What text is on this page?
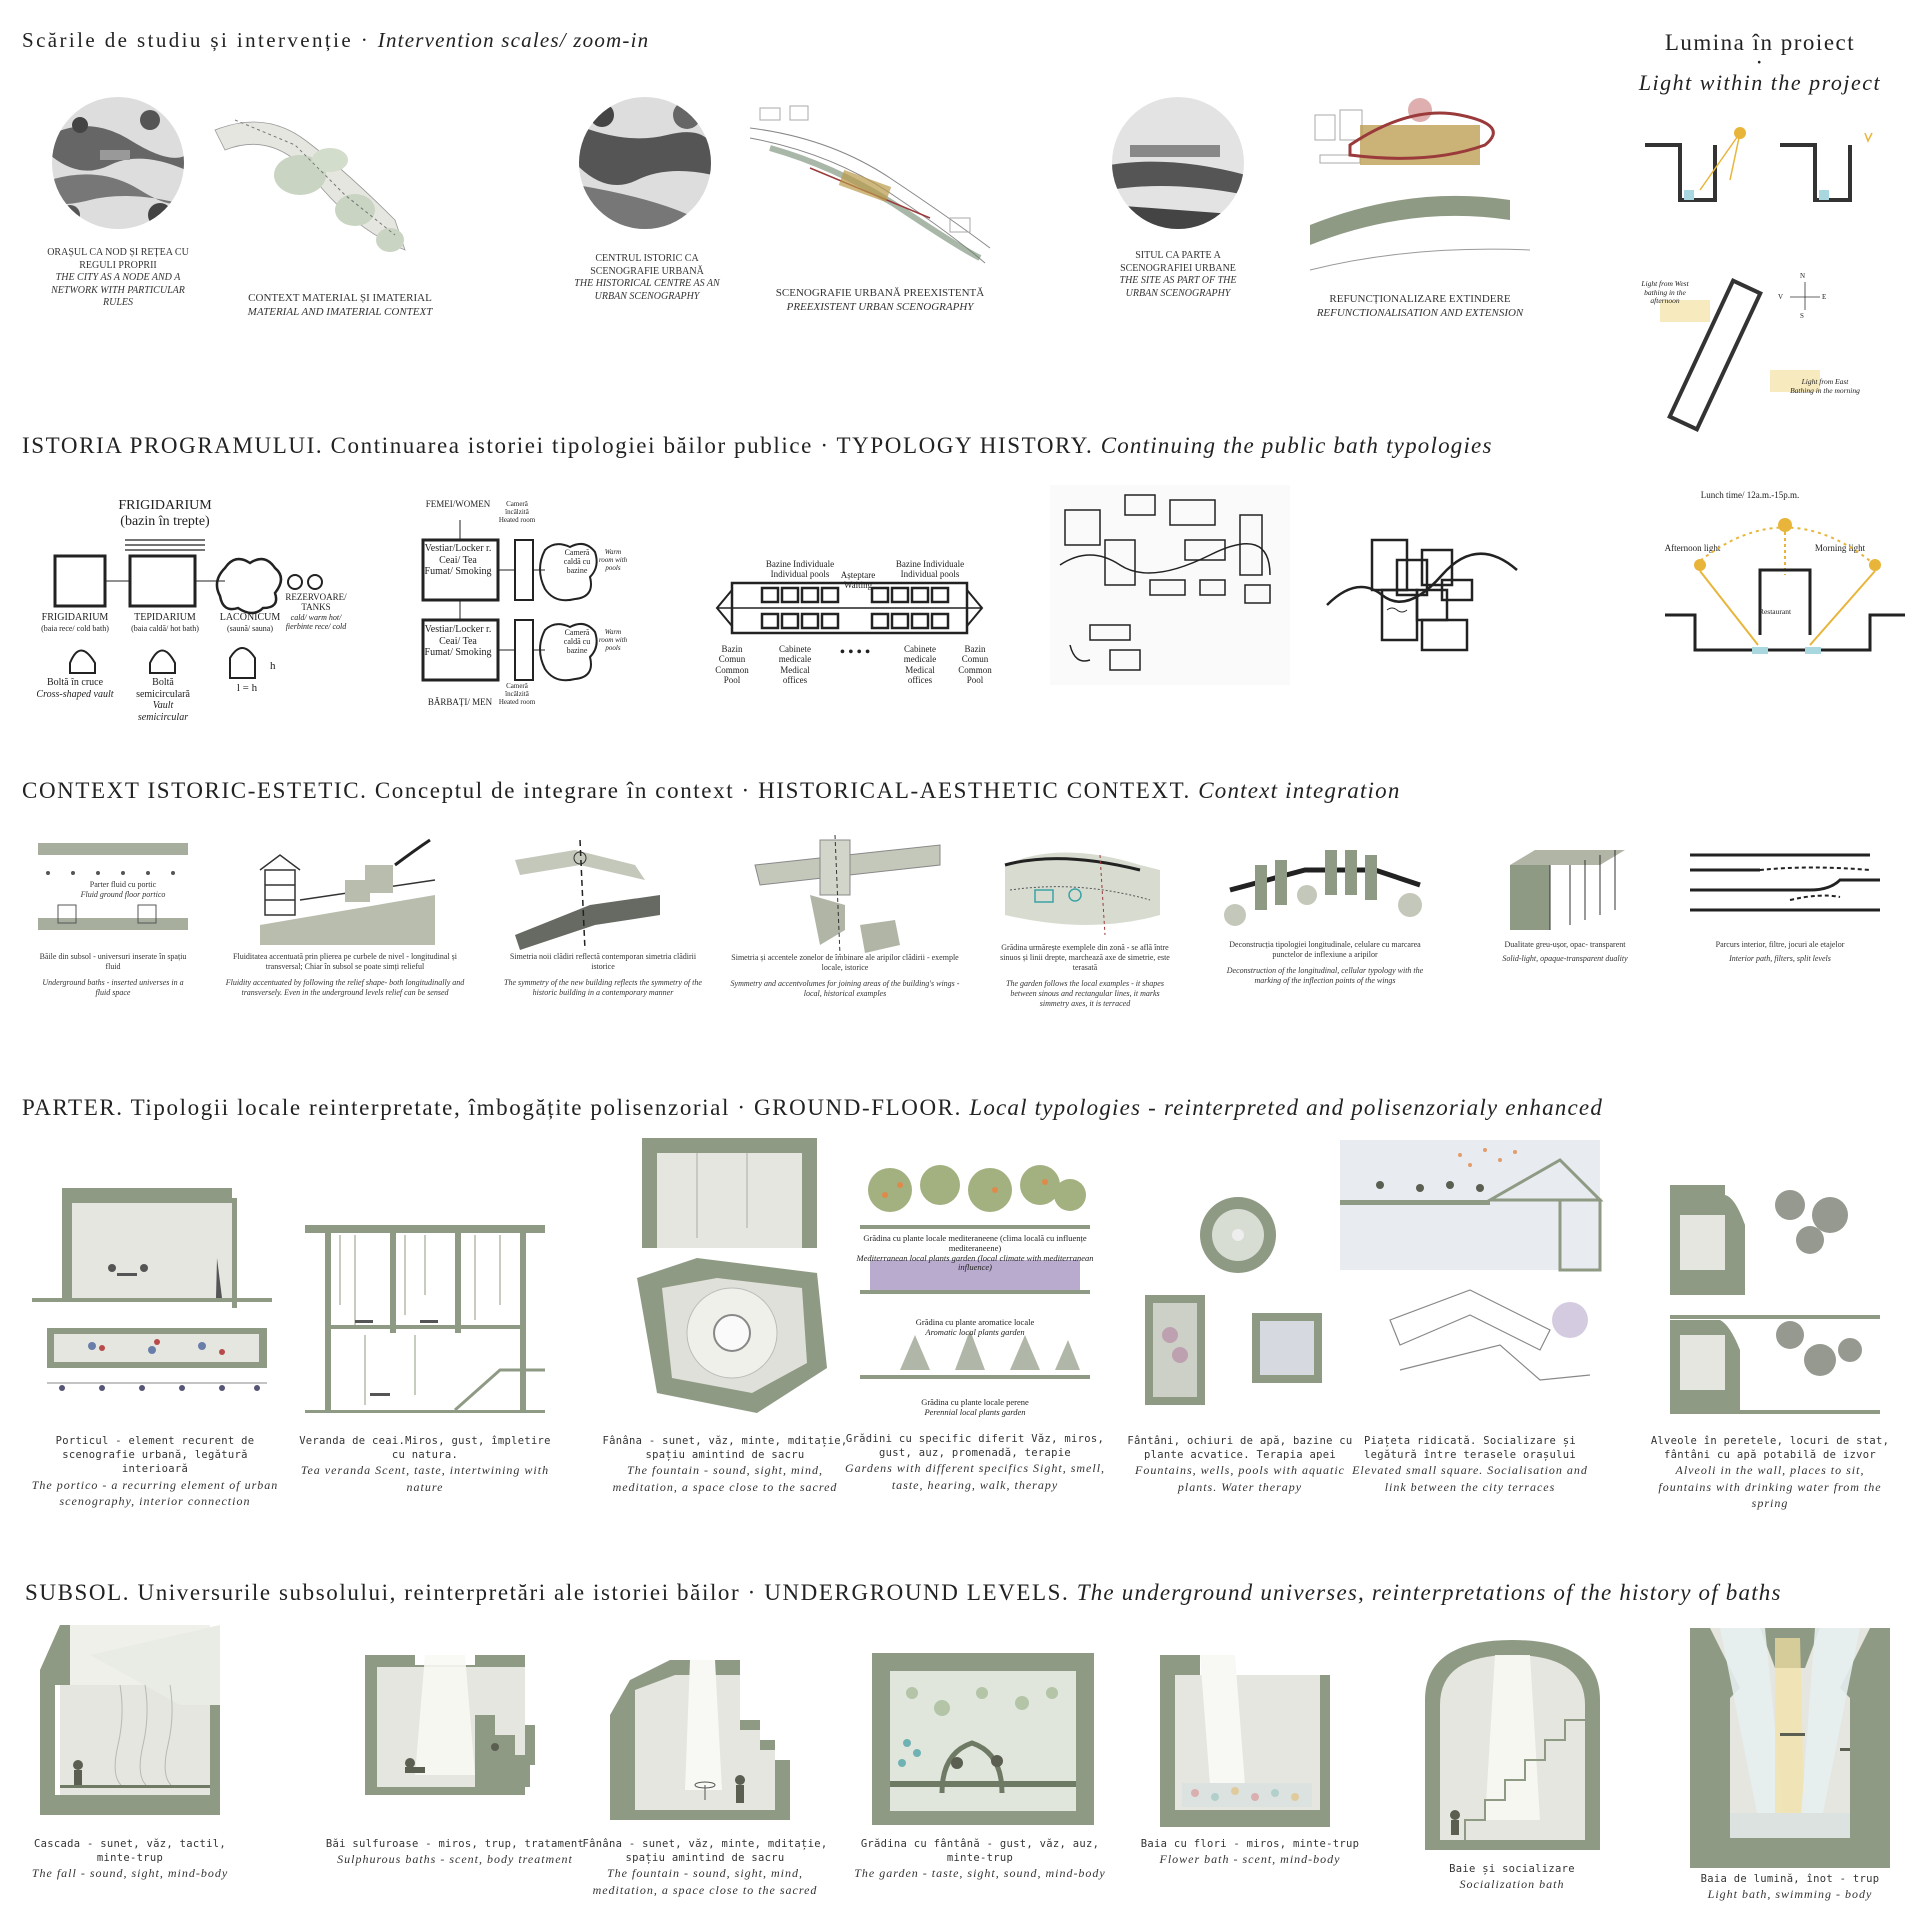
Scările de studiu și intervenție · Intervention scales/ zoom-in	Lumina în proiect
·
Light within the project
ORAȘUL CA NOD ȘI REȚEA CU REGULI PROPRII
THE CITY AS A NODE AND A NETWORK WITH PARTICULAR RULES	CONTEXT MATERIAL ȘI IMATERIAL
MATERIAL AND IMATERIAL CONTEXT
CENTRUL ISTORIC CA SCENOGRAFIE URBANĂ
THE HISTORICAL CENTRE AS AN URBAN SCENOGRAPHY	SCENOGRAFIE URBANĂ PREEXISTENTĂ
PREEXISTENT URBAN SCENOGRAPHY
SITUL CA PARTE A SCENOGRAFIEI URBANE
THE SITE AS PART OF THE URBAN SCENOGRAPHY	REFUNCȚIONALIZARE EXTINDERE
REFUNCTIONALISATION AND EXTENSION
Light from West bathing in the afternoon
Light from East Bathing in the morning
N
S
E
V
ISTORIA PROGRAMULUI. Continuarea istoriei tipologiei băilor publice · TYPOLOGY HISTORY. Continuing the public bath typologies
FRIGIDARIUM
(bazin în trepte)
FRIGIDARIUM
(baia rece/ cold bath)
TEPIDARIUM
(baia caldă/ hot bath)
LACONICUM
(saună/ sauna)
REZERVOARE/ TANKS
cald/ warm hot/ fierbinte rece/ cold
Boltă în cruce
Cross-shaped vault
Boltă semicirculară
Vault semicircular
l = h
h
FEMEI/WOMEN
BĂRBAȚI/ MEN
Vestiar/Locker r. Ceai/ Tea Fumat/ Smoking
Vestiar/Locker r. Ceai/ Tea Fumat/ Smoking
Cameră încălzită Heated room
Cameră încălzită Heated room
Cameră caldă cu bazine
Cameră caldă cu bazine
Warm room with pools
Warm room with pools
Bazine Individuale Individual pools
Bazine Individuale Individual pools
Așteptare Waiting
Bazin Comun Common Pool
Bazin Comun Common Pool
Cabinete medicale Medical offices
Cabinete medicale Medical offices
• • • •
Lunch time/ 12a.m.-15p.m.
Afternoon light	Morning light
Restaurant
CONTEXT ISTORIC-ESTETIC. Conceptul de integrare în context · HISTORICAL-AESTHETIC CONTEXT. Context integration
Parter fluid cu portic
Fluid ground floor portico
Băile din subsol - universuri inserate în spațiu fluid
Underground baths - inserted universes in a fluid space
Fluiditatea accentuată prin plierea pe curbele de nivel - longitudinal și transversal; Chiar în subsol se poate simți relieful
Fluidity accentuated by following the relief shape- both longitudinally and transversely. Even in the underground levels relief can be sensed
Simetria noii clădiri reflectă contemporan simetria clădirii istorice
The symmetry of the new building reflects the symmetry of the historic building in a contemporary manner
Simetria și accentele zonelor de îmbinare ale aripilor clădirii - exemple locale, istorice
Symmetry and accentvolumes for joining areas of the building's wings - local, historical examples
Grădina urmărește exemplele din zonă - se află între sinuos și linii drepte, marchează axe de simetrie, este terasată
The garden follows the local examples - it shapes between sinous and rectangular lines, it marks simmetry axes, it is terraced
Deconstrucția tipologiei longitudinale, celulare cu marcarea punctelor de inflexiune a aripilor
Deconstruction of the longitudinal, cellular typology with the marking of the inflection points of the wings
Dualitate greu-ușor, opac- transparent
Solid-light, opaque-transparent duality
Parcurs interior, filtre, jocuri ale etajelor
Interior path, filters, split levels
PARTER. Tipologii locale reinterpretate, îmbogățite polisenzorial · GROUND-FLOOR. Local typologies - reinterpreted and polisenzorialy enhanced
Porticul - element recurent de scenografie urbană, legătură interioară
The portico - a recurring element of urban scenography, interior connection
Veranda de ceai.Miros, gust, împletire cu natura.
Tea veranda Scent, taste, intertwining with nature
Fânâna - sunet, văz, minte, mditație, spațiu amintind de sacru
The fountain - sound, sight, mind, meditation, a space close to the sacred
Grădina cu plante locale mediteraneene (clima locală cu influențe mediteraneene)
Mediterranean local plants garden (local climate with mediterranean influence)
Grădina cu plante aromatice locale
Aromatic local plants garden
Grădina cu plante locale perene
Perennial local plants garden
Grădini cu specific diferit Văz, miros, gust, auz, promenadă, terapie
Gardens with different specifics Sight, smell, taste, hearing, walk, therapy
Fântâni, ochiuri de apă, bazine cu plante acvatice. Terapia apei
Fountains, wells, pools with aquatic plants. Water therapy
Piațeta ridicată. Socializare și legătură între terasele orașului
Elevated small square. Socialisation and link between the city terraces
Alveole în peretele, locuri de stat, fântâni cu apă potabilă de izvor
Alveoli in the wall, places to sit, fountains with drinking water from the spring
SUBSOL. Universurile subsolului, reinterpretări ale istoriei băilor · UNDERGROUND LEVELS. The underground universes, reinterpretations of the history of baths
Cascada - sunet, văz, tactil, minte-trup
The fall - sound, sight, mind-body
Băi sulfuroase - miros, trup, tratament
Sulphurous baths - scent, body treatment
Fânâna - sunet, văz, minte, mditație, spațiu amintind de sacru
The fountain - sound, sight, mind, meditation, a space close to the sacred
Grădina cu fântână - gust, văz, auz, minte-trup
The garden - taste, sight, sound, mind-body
Baia cu flori - miros, minte-trup
Flower bath - scent, mind-body
Baie și socializare
Socialization bath	Baia de lumină, înot - trup
Light bath, swimming - body
